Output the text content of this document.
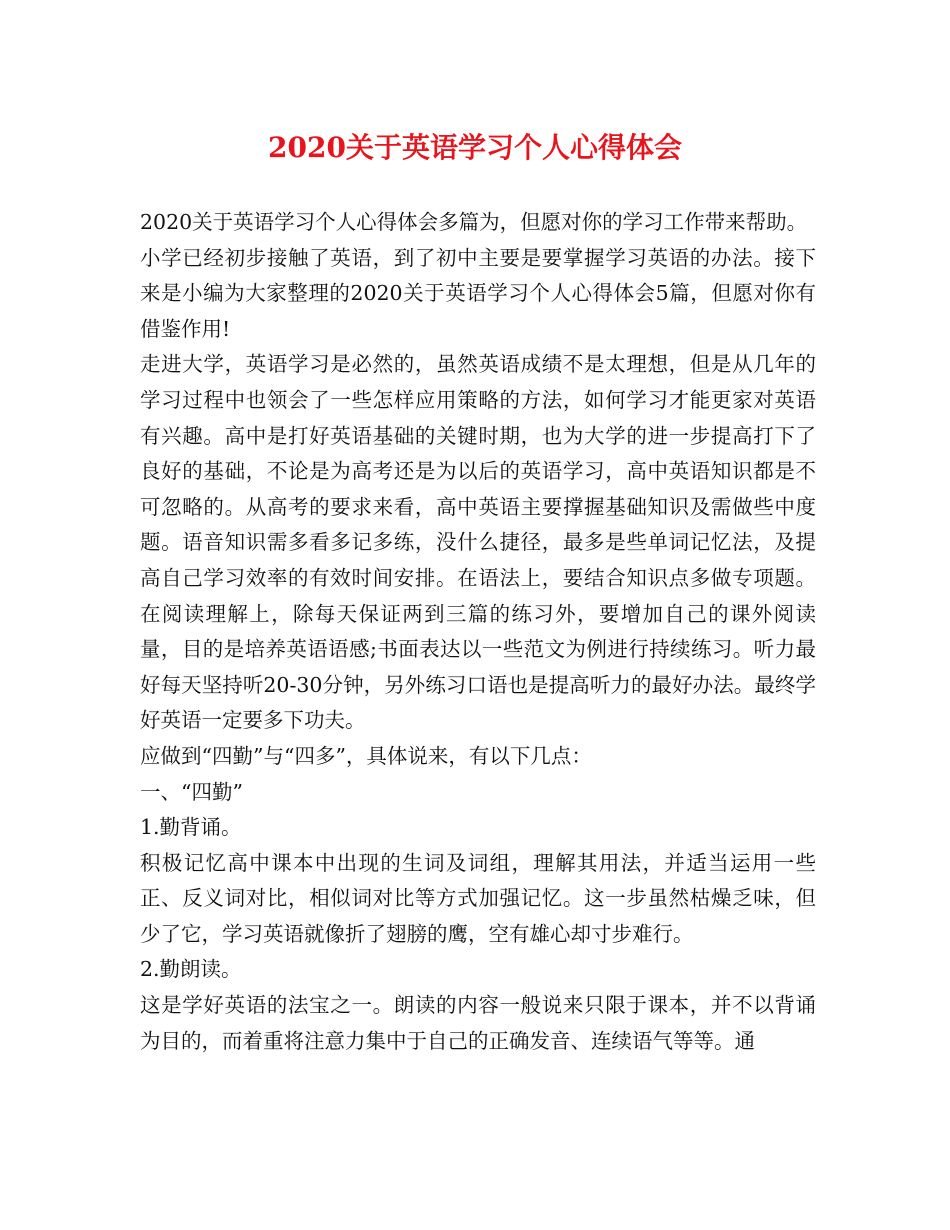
2020关于英语学习个人心得体会

2020关于英语学习个人心得体会多篇为，但愿对你的学习工作带来帮助。

小学已经初步接触了英语，到了初中主要是要掌握学习英语的办法。接下来是小编为大家整理的2020关于英语学习个人心得体会5篇，但愿对你有借鉴作用!

走进大学，英语学习是必然的，虽然英语成绩不是太理想，但是从几年的学习过程中也领会了一些怎样应用策略的方法，如何学习才能更家对英语有兴趣。高中是打好英语基础的关键时期，也为大学的进一步提高打下了良好的基础，不论是为高考还是为以后的英语学习，高中英语知识都是不可忽略的。从高考的要求来看，高中英语主要撑握基础知识及需做些中度题。语音知识需多看多记多练，没什么捷径，最多是些单词记忆法，及提高自己学习效率的有效时间安排。在语法上，要结合知识点多做专项题。在阅读理解上，除每天保证两到三篇的练习外，要增加自己的课外阅读量，目的是培养英语语感;书面表达以一些范文为例进行持续练习。听力最好每天坚持听20-30分钟，另外练习口语也是提高听力的最好办法。最终学好英语一定要多下功夫。

应做到“四勤”与“四多”，具体说来，有以下几点：

一、“四勤”

1.勤背诵。

积极记忆高中课本中出现的生词及词组，理解其用法，并适当运用一些正、反义词对比，相似词对比等方式加强记忆。这一步虽然枯燥乏味，但少了它，学习英语就像折了翅膀的鹰，空有雄心却寸步难行。

2.勤朗读。

这是学好英语的法宝之一。朗读的内容一般说来只限于课本，并不以背诵为目的，而着重将注意力集中于自己的正确发音、连续语气等等。通
